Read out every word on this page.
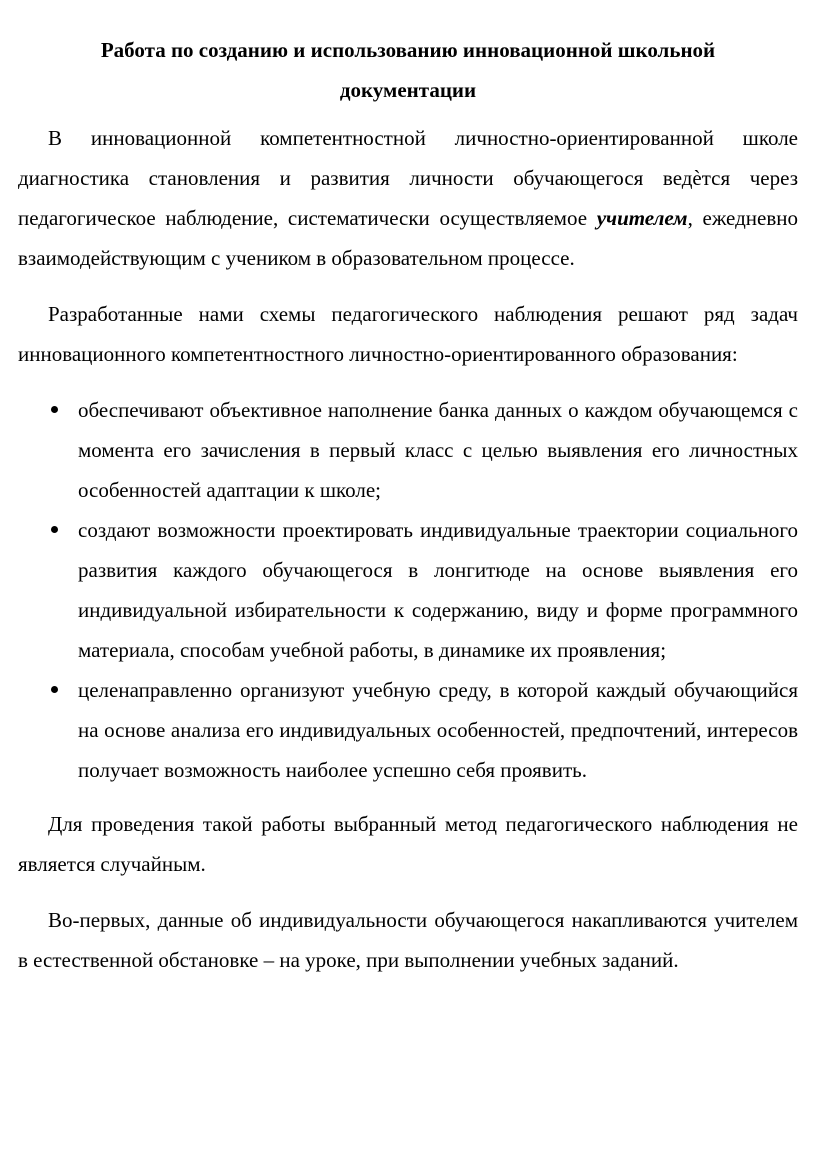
Работа по созданию и использованию инновационной школьной
документации

В инновационной компетентностной личностно-ориентированной школе диагностика становления и развития личности обучающегося ведѐтся через педагогическое наблюдение, систематически осуществляемое учителем, ежедневно взаимодействующим с учеником в образовательном процессе.

Разработанные нами схемы педагогического наблюдения решают ряд задач инновационного компетентностного личностно-ориентированного образования:

обеспечивают объективное наполнение банка данных о каждом обучающемся с момента его зачисления в первый класс с целью выявления его личностных особенностей адаптации к школе;
создают возможности проектировать индивидуальные траектории социального развития каждого обучающегося в лонгитюде на основе выявления его индивидуальной избирательности к содержанию, виду и форме программного материала, способам учебной работы, в динамике их проявления;
целенаправленно организуют учебную среду, в которой каждый обучающийся на основе анализа его индивидуальных особенностей, предпочтений, интересов получает возможность наиболее успешно себя проявить.

Для проведения такой работы выбранный метод педагогического наблюдения не является случайным.

Во-первых, данные об индивидуальности обучающегося накапливаются учителем в естественной обстановке – на уроке, при выполнении учебных заданий.
